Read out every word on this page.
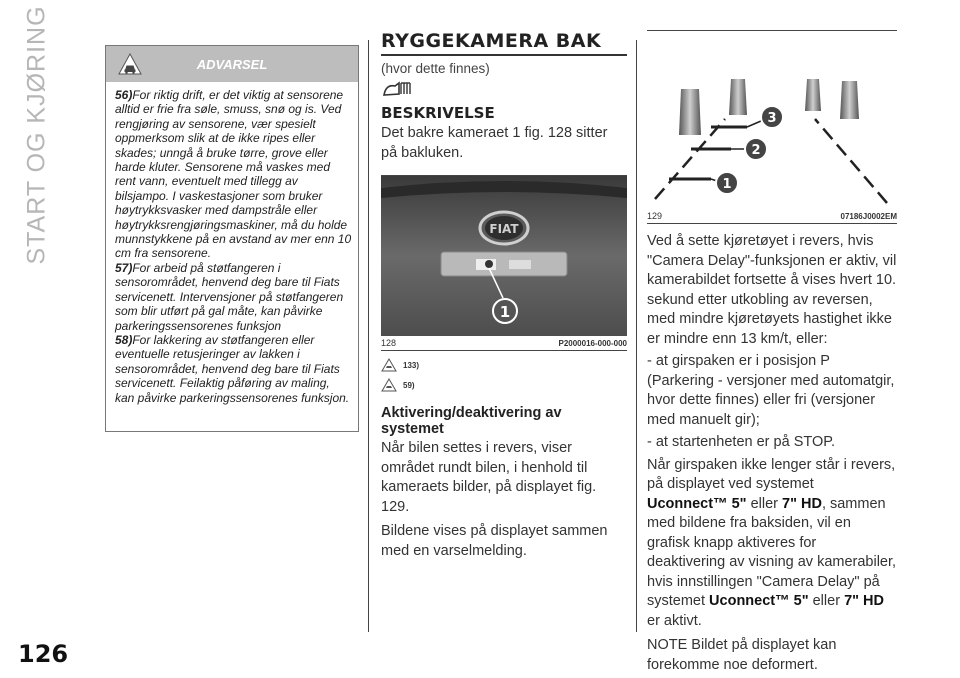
START OG KJØRING
126
ADVARSEL

56)For riktig drift, er det viktig at sensorene alltid er frie fra søle, smuss, snø og is. Ved rengjøring av sensorene, vær spesielt oppmerksom slik at de ikke ripes eller skades; unngå å bruke tørre, grove eller harde kluter. Sensorene må vaskes med rent vann, eventuelt med tillegg av bilsjampo. I vaskestasjoner som bruker høytrykksvasker med dampstråle eller høytrykksrengjøringsmaskiner, må du holde munnstykkene på en avstand av mer enn 10 cm fra sensorene.

57)For arbeid på støtfangeren i sensorområdet, henvend deg bare til Fiats servicenett. Intervensjoner på støtfangeren som blir utført på gal måte, kan påvirke parkeringssensorenes funksjon

58)For lakkering av støtfangeren eller eventuelle retusjeringer av lakken i sensorområdet, henvend deg bare til Fiats servicenett. Feilaktig påføring av maling, kan påvirke parkeringssensorenes funksjon.

RYGGEKAMERA BAK

(hvor dette finnes)

BESKRIVELSE

Det bakre kameraet 1 fig. 128 sitter på bakluken.

FIAT
1
128	P2000016-000-000
133)
59)
Aktivering/deaktivering av systemet

Når bilen settes i revers, viser området rundt bilen, i henhold til kameraets bilder, på displayet fig. 129.

Bildene vises på displayet sammen med en varselmelding.

1
2
3
129	07186J0002EM

Ved å sette kjøretøyet i revers, hvis "Camera Delay"-funksjonen er aktiv, vil kamerabildet fortsette å vises hvert 10. sekund etter utkobling av reversen, med mindre kjøretøyets hastighet ikke er mindre enn 13 km/t, eller:

- at girspaken er i posisjon P (Parkering - versjoner med automatgir, hvor dette finnes) eller fri (versjoner med manuelt gir);

- at startenheten er på STOP.

Når girspaken ikke lenger står i revers, på displayet ved systemet Uconnect™ 5" eller 7" HD, sammen med bildene fra baksiden, vil en grafisk knapp aktiveres for deaktivering av visning av kamerabiler, hvis innstillingen "Camera Delay" på systemet Uconnect™ 5" eller 7" HD er aktivt.

NOTE Bildet på displayet kan forekomme noe deformert.
